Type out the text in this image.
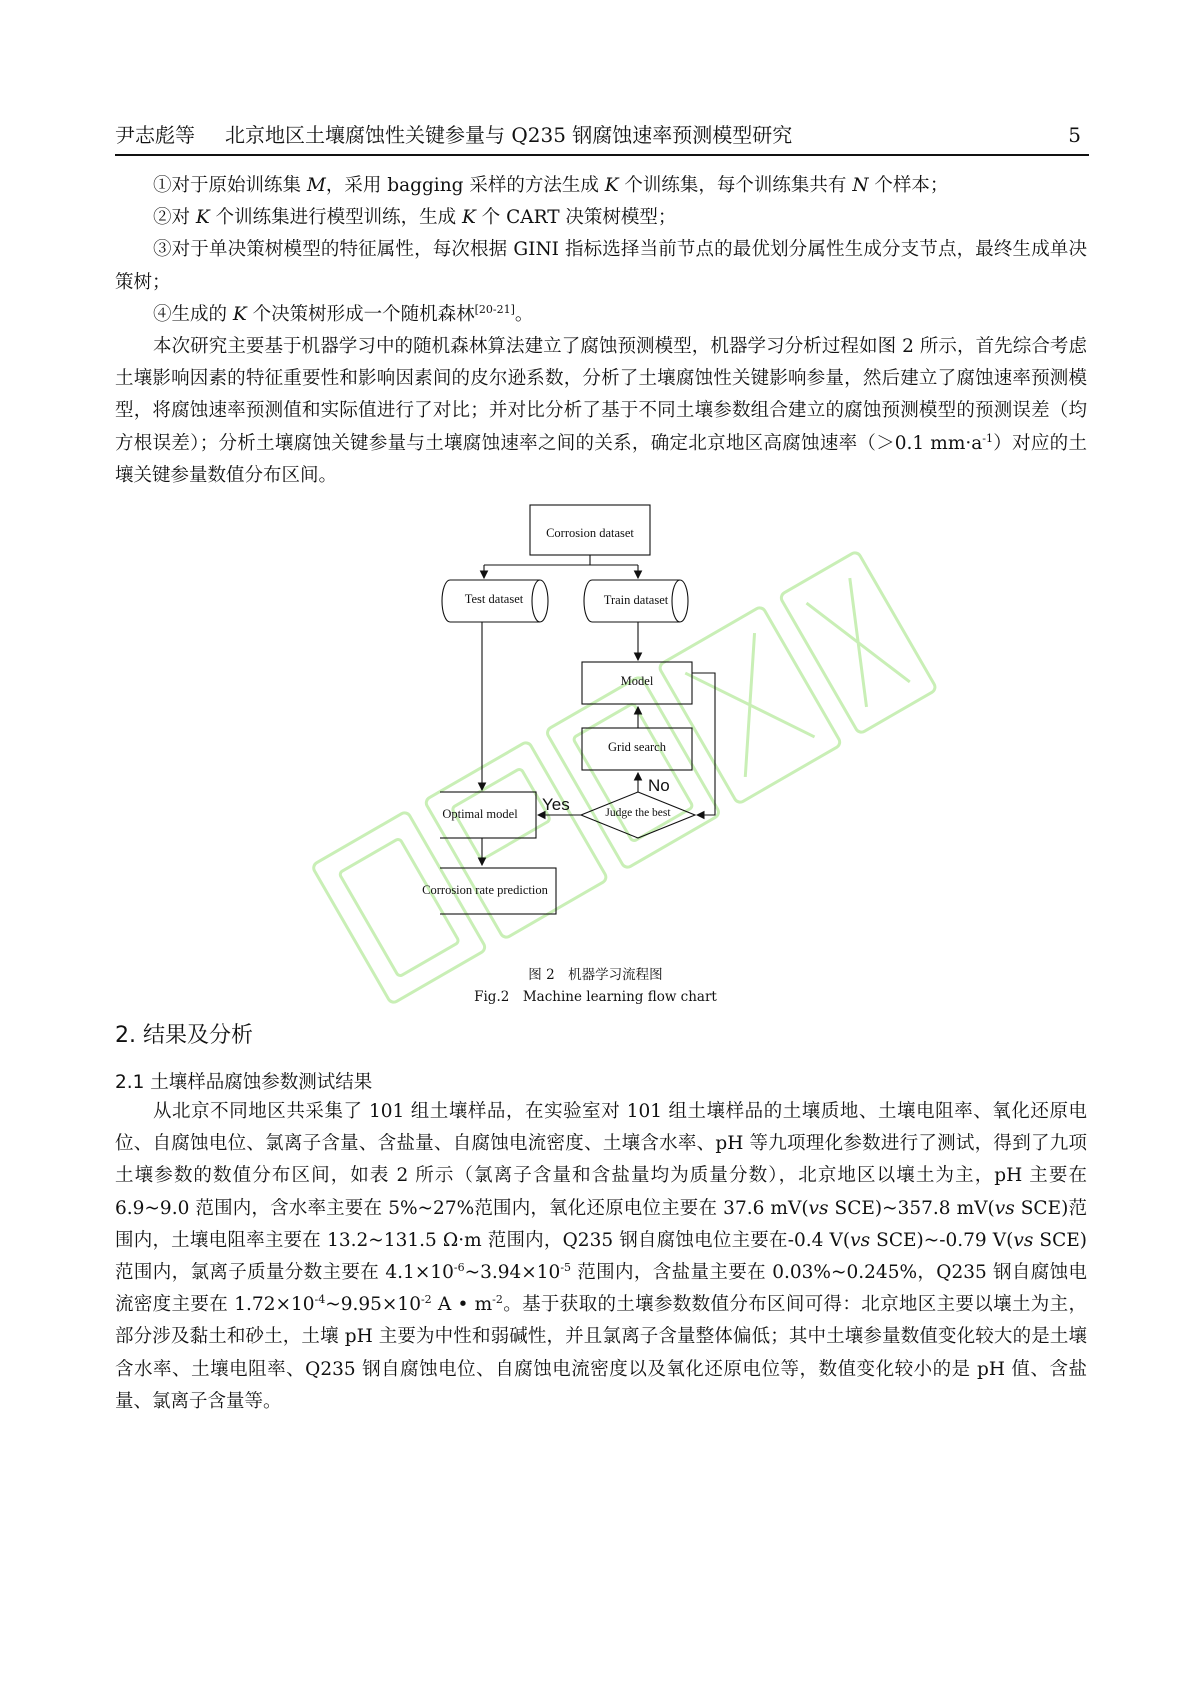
尹志彪等 北京地区土壤腐蚀性关键参量与 Q235 钢腐蚀速率预测模型研究	5

①对于原始训练集 M，采用 bagging 采样的方法生成 K 个训练集，每个训练集共有 N 个样本；

②对 K 个训练集进行模型训练，生成 K 个 CART 决策树模型；

③对于单决策树模型的特征属性，每次根据 GINI 指标选择当前节点的最优划分属性生成分支节点，最终生成单决策树；

④生成的 K 个决策树形成一个随机森林[20-21]。

本次研究主要基于机器学习中的随机森林算法建立了腐蚀预测模型，机器学习分析过程如图 2 所示，首先综合考虑土壤影响因素的特征重要性和影响因素间的皮尔逊系数，分析了土壤腐蚀性关键影响参量，然后建立了腐蚀速率预测模型，将腐蚀速率预测值和实际值进行了对比；并对比分析了基于不同土壤参数组合建立的腐蚀预测模型的预测误差（均方根误差）；分析土壤腐蚀关键参量与土壤腐蚀速率之间的关系，确定北京地区高腐蚀速率（＞0.1 $mm\cdot a^{-1}$）对应的土壤关键参量数值分布区间。

Corrosion dataset
Test dataset	Train dataset
Model
Grid search
Judge the best
Optimal model
Corrosion rate prediction
Yes
No
图 2　机器学习流程图
Fig.2　Machine learning flow chart
2. 结果及分析
2.1 土壤样品腐蚀参数测试结果

从北京不同地区共采集了 101 组土壤样品，在实验室对 101 组土壤样品的土壤质地、土壤电阻率、氧化还原电位、自腐蚀电位、氯离子含量、含盐量、自腐蚀电流密度、土壤含水率、pH 等九项理化参数进行了测试，得到了九项土壤参数的数值分布区间，如表 2 所示（氯离子含量和含盐量均为质量分数），北京地区以壤土为主，pH 主要在 6.9~9.0 范围内，含水率主要在 5%~27%范围内，氧化还原电位主要在 37.6 mV(vs SCE)~357.8 mV(vs SCE)范围内，土壤电阻率主要在 13.2~131.5 Ω·m 范围内，Q235 钢自腐蚀电位主要在-0.4 V(vs SCE)~-0.79 V(vs SCE)范围内，氯离子质量分数主要在 $4.1\times 10^{-6}\sim 3.94\times 10^{-5}$ 范围内，含盐量主要在 0.03%~0.245%，Q235 钢自腐蚀电流密度主要在 $1.72\times 10^{-4}\sim 9.95\times 10^{-2}$ A • $m^{-2}$。基于获取的土壤参数数值分布区间可得：北京地区主要以壤土为主，部分涉及黏土和砂土，土壤 pH 主要为中性和弱碱性，并且氯离子含量整体偏低；其中土壤参量数值变化较大的是土壤含水率、土壤电阻率、Q235 钢自腐蚀电位、自腐蚀电流密度以及氧化还原电位等，数值变化较小的是 pH 值、含盐量、氯离子含量等。
